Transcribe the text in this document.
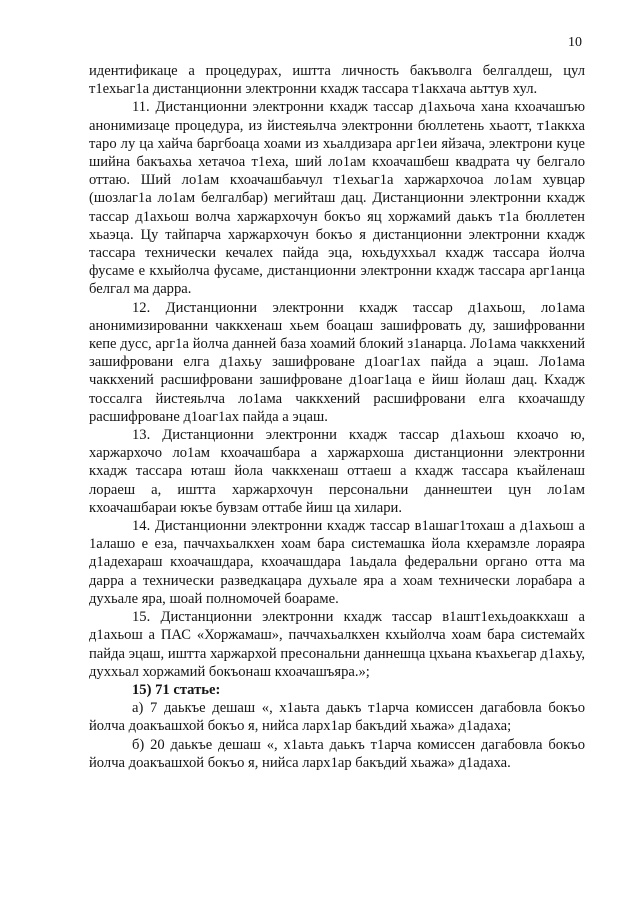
10

идентификаце а процедурах, иштта личность бакъволга белгалдеш, цул т1ехьаг1а дистанционни электронни кхадж тассара т1акхача аьттув хул.

11. Дистанционни электронни кхадж тассар д1ахьоча хана кхоачашъю анонимизаце процедура, из йистеяьлча электронни бюллетень хьаотт, т1аккха таро лу ца хайча баргбоаца хоами из хьалдизара арг1еи яйзача, электрони куце шийна бакъахьа хетачоа т1еха, ший ло1ам кхоачашбеш квадрата чу белгало оттаю. Ший ло1ам кхоачашбаьчул т1ехьаг1а харжархочоа ло1ам хувцар (шозлаг1а ло1ам белгалбар) мегийташ дац. Дистанционни электронни кхадж тассар д1ахьош волча харжархочун бокъо яц хоржамий даькъ т1а бюллетен хьаэца. Цу тайпарча харжархочун бокъо я дистанционни электронни кхадж тассара технически кечалех пайда эца, юхьдуххьал кхадж тассара йолча фусаме е кхыйолча фусаме, дистанционни электронни кхадж тассара арг1анца белгал ма дарра.

12. Дистанционни электронни кхадж тассар д1ахьош, ло1ама анонимизированни чаккхенаш хьем боацаш зашифровать ду, зашифрованни кепе дусс, арг1а йолча данней база хоамий блокий з1анарца. Ло1ама чаккхений зашифровани елга д1ахьу зашифроване д1оаг1ах пайда а эцаш. Ло1ама чаккхений расшифровани зашифроване д1оаг1аца е йиш йолаш дац. Кхадж тоссалга йистеяьлча ло1ама чаккхений расшифровани елга кхоачашду расшифроване д1оаг1ах пайда а эцаш.

13. Дистанционни электронни кхадж тассар д1ахьош кхоачо ю, харжархочо ло1ам кхоачашбара а харжархоша дистанционни электронни кхадж тассара юташ йола чаккхенаш оттаеш а кхадж тассара къайленаш лораеш а, иштта харжархочун персональни даннештеи цун ло1ам кхоачашбараи юкъе бувзам оттабе йиш ца хилари.

14. Дистанционни электронни кхадж тассар в1ашаг1тохаш а д1ахьош а 1алашо е еза, паччахьалкхен хоам бара системашка йола кхерамзле лораяра д1адехараш кхоачашдара, кхоачашдара 1аьдала федеральни органо отта ма дарра а технически разведкацара духьале яра а хоам технически лорабара а духьале яра, шоай полномочей боараме.

15. Дистанционни электронни кхадж тассар в1ашт1ехьдоаккхаш а д1ахьош а ПАС «Хоржамаш», паччахьалкхен кхыйолча хоам бара системайх пайда эцаш, иштта харжархой пресональни даннешца цхьана къахьегар д1ахьу, духхьал хоржамий бокъонаш кхоачашъяра.»;

15) 71 статье:

а) 7 даькъе дешаш «, х1аьта даькъ т1арча комиссен дагабовла бокъо йолча доакъашхой бокъо я, нийса ларх1ар бакъдий хьажа» д1адаха;

б) 20 даькъе дешаш «, х1аьта даькъ т1арча комиссен дагабовла бокъо йолча доакъашхой бокъо я, нийса ларх1ар бакъдий хьажа» д1адаха.
